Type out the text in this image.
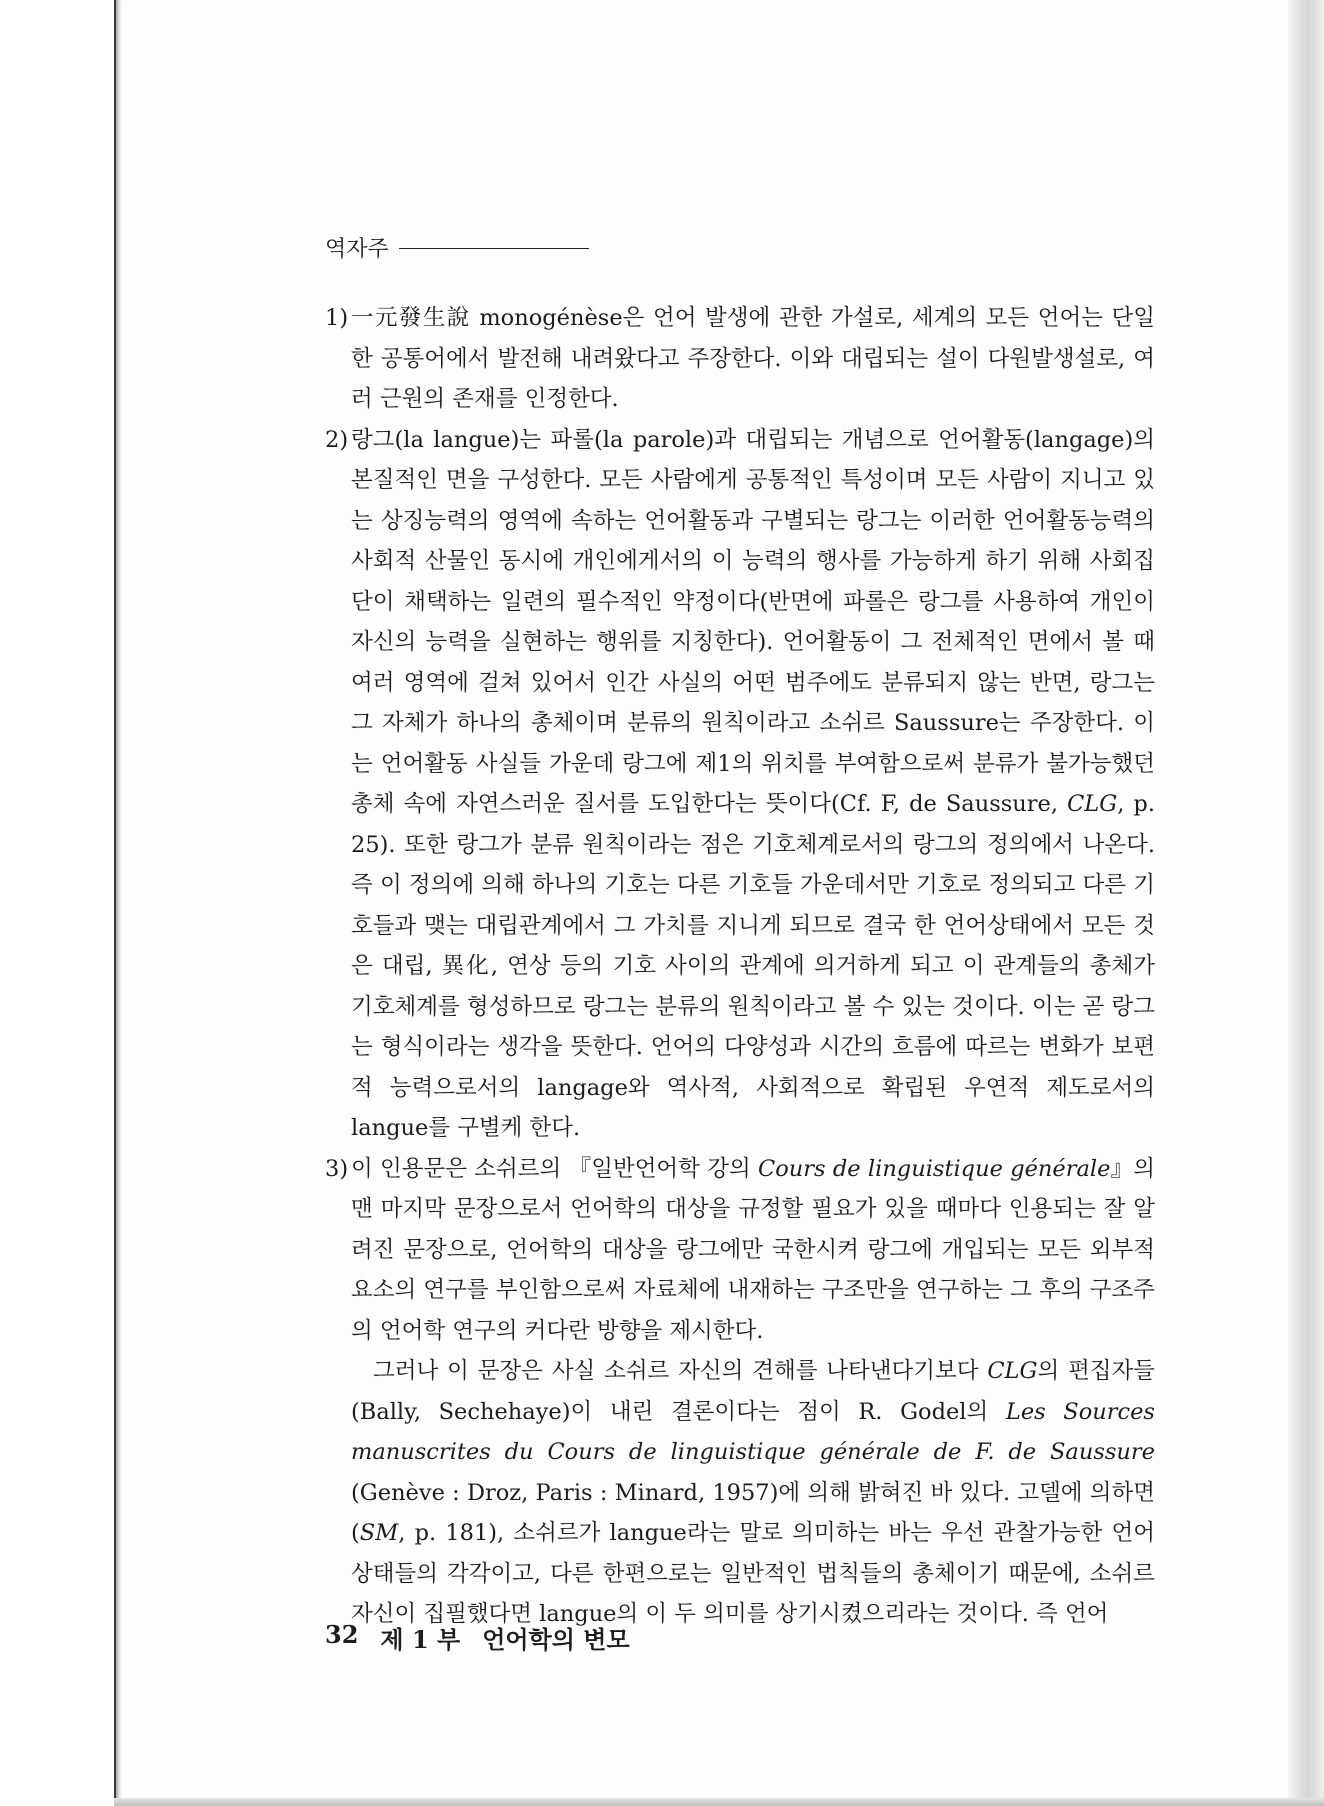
역자주
1) 一元發生說 monogénèse은 언어 발생에 관한 가설로, 세계의 모든 언어는 단일한 공통어에서 발전해 내려왔다고 주장한다. 이와 대립되는 설이 다원발생설로, 여러 근원의 존재를 인정한다.

2) 랑그(la langue)는 파롤(la parole)과 대립되는 개념으로 언어활동(langage)의 본질적인 면을 구성한다. 모든 사람에게 공통적인 특성이며 모든 사람이 지니고 있는 상징능력의 영역에 속하는 언어활동과 구별되는 랑그는 이러한 언어활동능력의 사회적 산물인 동시에 개인에게서의 이 능력의 행사를 가능하게 하기 위해 사회집단이 채택하는 일련의 필수적인 약정이다(반면에 파롤은 랑그를 사용하여 개인이 자신의 능력을 실현하는 행위를 지칭한다). 언어활동이 그 전체적인 면에서 볼 때 여러 영역에 걸쳐 있어서 인간 사실의 어떤 범주에도 분류되지 않는 반면, 랑그는 그 자체가 하나의 총체이며 분류의 원칙이라고 소쉬르 Saussure는 주장한다. 이는 언어활동 사실들 가운데 랑그에 제1의 위치를 부여함으로써 분류가 불가능했던 총체 속에 자연스러운 질서를 도입한다는 뜻이다(Cf. F, de Saussure, CLG, p. 25). 또한 랑그가 분류 원칙이라는 점은 기호체계로서의 랑그의 정의에서 나온다. 즉 이 정의에 의해 하나의 기호는 다른 기호들 가운데서만 기호로 정의되고 다른 기호들과 맺는 대립관계에서 그 가치를 지니게 되므로 결국 한 언어상태에서 모든 것은 대립, 異化, 연상 등의 기호 사이의 관계에 의거하게 되고 이 관계들의 총체가 기호체계를 형성하므로 랑그는 분류의 원칙이라고 볼 수 있는 것이다. 이는 곧 랑그는 형식이라는 생각을 뜻한다. 언어의 다양성과 시간의 흐름에 따르는 변화가 보편적 능력으로서의 langage와 역사적, 사회적으로 확립된 우연적 제도로서의 langue를 구별케 한다.

3) 이 인용문은 소쉬르의 『일반언어학 강의 Cours de linguistique générale』의 맨 마지막 문장으로서 언어학의 대상을 규정할 필요가 있을 때마다 인용되는 잘 알려진 문장으로, 언어학의 대상을 랑그에만 국한시켜 랑그에 개입되는 모든 외부적 요소의 연구를 부인함으로써 자료체에 내재하는 구조만을 연구하는 그 후의 구조주의 언어학 연구의 커다란 방향을 제시한다.

그러나 이 문장은 사실 소쉬르 자신의 견해를 나타낸다기보다 CLG의 편집자들(Bally, Sechehaye)이 내린 결론이다는 점이 R. Godel의 Les Sources manuscrites du Cours de linguistique générale de F. de Saussure (Genève : Droz, Paris : Minard, 1957)에 의해 밝혀진 바 있다. 고델에 의하면 (SM, p. 181), 소쉬르가 langue라는 말로 의미하는 바는 우선 관찰가능한 언어상태들의 각각이고, 다른 한편으로는 일반적인 법칙들의 총체이기 때문에, 소쉬르 자신이 집필했다면 langue의 이 두 의미를 상기시켰으리라는 것이다. 즉 언어

32 제 1 부 언어학의 변모
